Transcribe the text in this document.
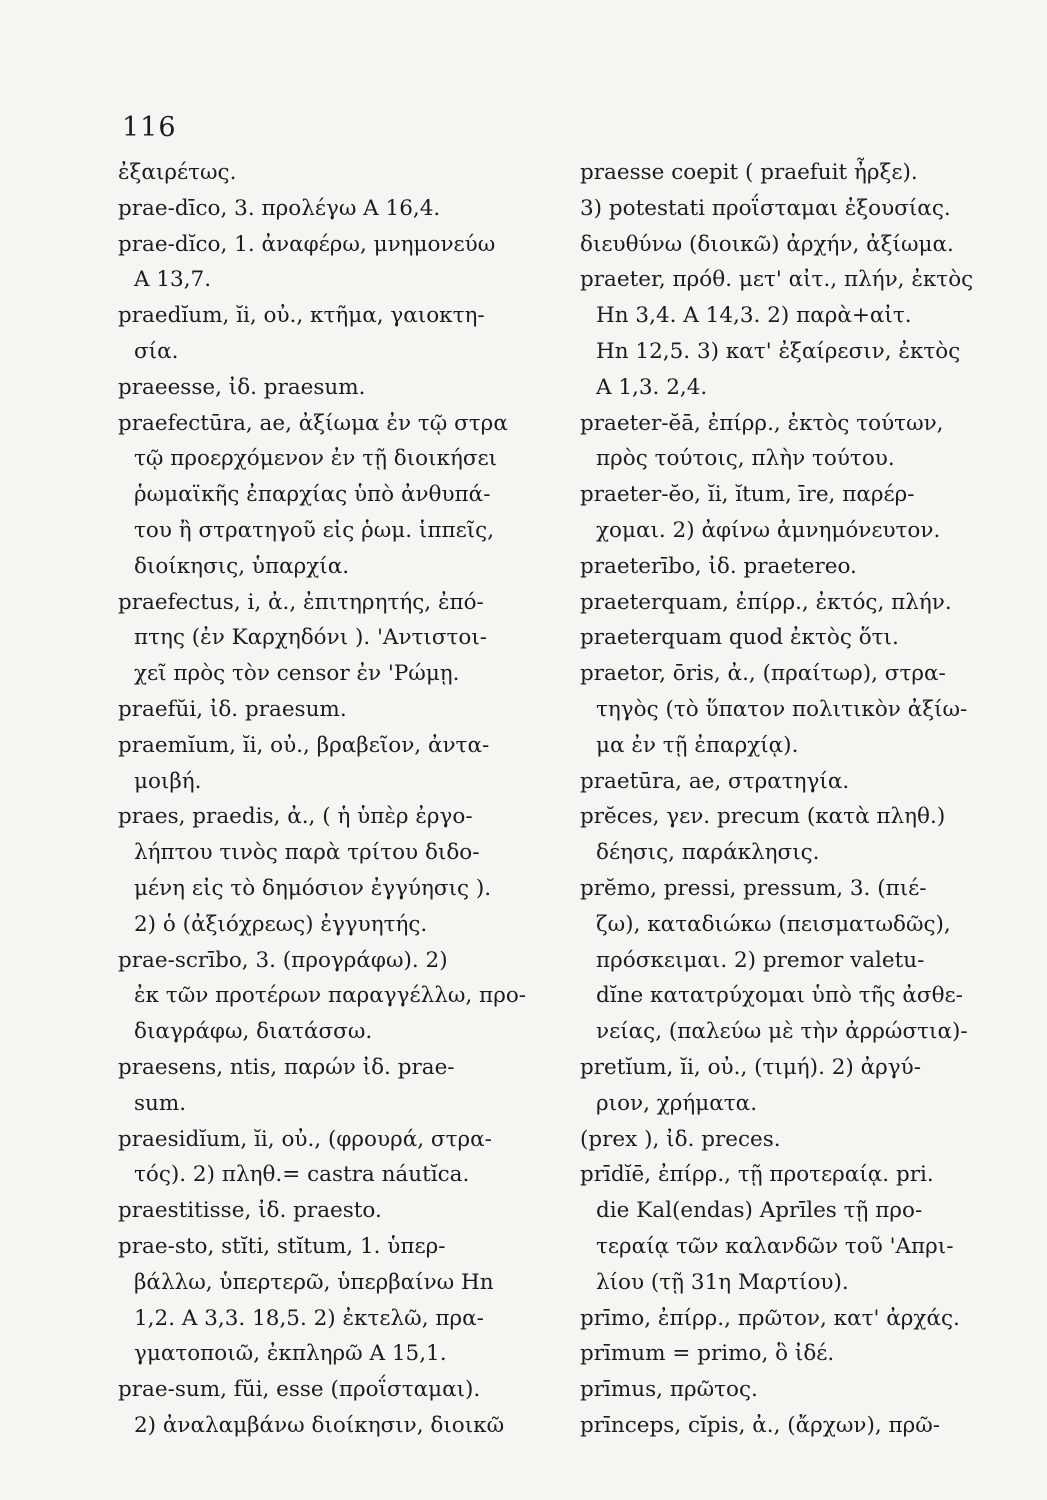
116
ἐξαιρέτως.
prae-dīco, 3. προλέγω A 16,4.
prae-dĭco, 1. ἀναφέρω, μνημονεύω
A 13,7.
praedĭum, ĭi, οὐ., κτῆμα, γαιοκτη-
σία.
praeesse, ἰδ. praesum.
praefectūra, ae, ἀξίωμα ἐν τῷ στρα
τῷ προερχόμενον ἐν τῇ διοικήσει
ῥωμαϊκῆς ἐπαρχίας ὑπὸ ἀνθυπά-
του ἢ στρατηγοῦ εἰς ῥωμ. ἱππεῖς,
διοίκησις, ὑπαρχία.
praefectus, i, ἀ., ἐπιτηρητής, ἐπό-
πτης (ἐν Καρχηδόνι ). 'Αντιστοι-
χεῖ πρὸς τὸν censor ἐν 'Ρώμῃ.
praefŭi, ἰδ. praesum.
praemĭum, ĭi, οὐ., βραβεῖον, ἀντα-
μοιβή.
praes, praedis, ἀ., ( ἡ ὑπὲρ ἐργο-
λήπτου τινὸς παρὰ τρίτου διδο-
μένη εἰς τὸ δημόσιον ἐγγύησις ).
2) ὁ (ἀξιόχρεως) ἐγγυητής.
prae-scrībo, 3. (προγράφω). 2)
ἐκ τῶν προτέρων παραγγέλλω, προ-
διαγράφω, διατάσσω.
praesens, ntis, παρών ἰδ. prae-
sum.
praesidĭum, ĭi, οὐ., (φρουρά, στρα-
τός). 2) πληθ.= castra náutĭca.
praestitisse, ἰδ. praesto.
prae-sto, stĭti, stĭtum, 1. ὑπερ-
βάλλω, ὑπερτερῶ, ὑπερβαίνω Hn
1,2. A 3,3. 18,5. 2) ἐκτελῶ, πρα-
γματοποιῶ, ἐκπληρῶ A 15,1.
prae-sum, fŭi, esse (προΐσταμαι).
2) ἀναλαμβάνω διοίκησιν, διοικῶ
praesse coepit ( praefuit ἦρξε).
3) potestati προΐσταμαι ἐξουσίας.
διευθύνω (διοικῶ) ἀρχήν, ἀξίωμα.
praeter, πρόθ. μετ' αἰτ., πλήν, ἐκτὸς
Hn 3,4. A 14,3. 2) παρὰ+αἰτ.
Hn 12,5. 3) κατ' ἐξαίρεσιν, ἐκτὸς
A 1,3. 2,4.
praeter-ĕā, ἐπίρρ., ἐκτὸς τούτων,
πρὸς τούτοις, πλὴν τούτου.
praeter-ĕo, ĭi, ĭtum, īre, παρέρ-
χομαι. 2) ἀφίνω ἀμνημόνευτον.
praeterībo, ἰδ. praetereo.
praeterquam, ἐπίρρ., ἐκτός, πλήν.
praeterquam quod ἐκτὸς ὅτι.
praetor, ōris, ἀ., (πραίτωρ), στρα-
τηγὸς (τὸ ὕπατον πολιτικὸν ἀξίω-
μα ἐν τῇ ἐπαρχίᾳ).
praetūra, ae, στρατηγία.
prĕces, γεν. precum (κατὰ πληθ.)
δέησις, παράκλησις.
prĕmo, pressi, pressum, 3. (πιέ-
ζω), καταδιώκω (πεισματωδῶς),
πρόσκειμαι. 2) premor valetu-
dĭne κατατρύχομαι ὑπὸ τῆς ἀσθε-
νείας, (παλεύω μὲ τὴν ἀρρώστια)-
pretĭum, ĭi, οὐ., (τιμή). 2) ἀργύ-
ριον, χρήματα.
(prex ), ἰδ. preces.
prīdĭē, ἐπίρρ., τῇ προτεραίᾳ. pri.
die Kal(endas) Aprīles τῇ προ-
τεραίᾳ τῶν καλανδῶν τοῦ 'Απρι-
λίου (τῇ 31η Μαρτίου).
prīmo, ἐπίρρ., πρῶτον, κατ' ἀρχάς.
prīmum = primo, ὃ ἰδέ.
prīmus, πρῶτος.
prīnceps, cĭpis, ἀ., (ἄρχων), πρῶ-
